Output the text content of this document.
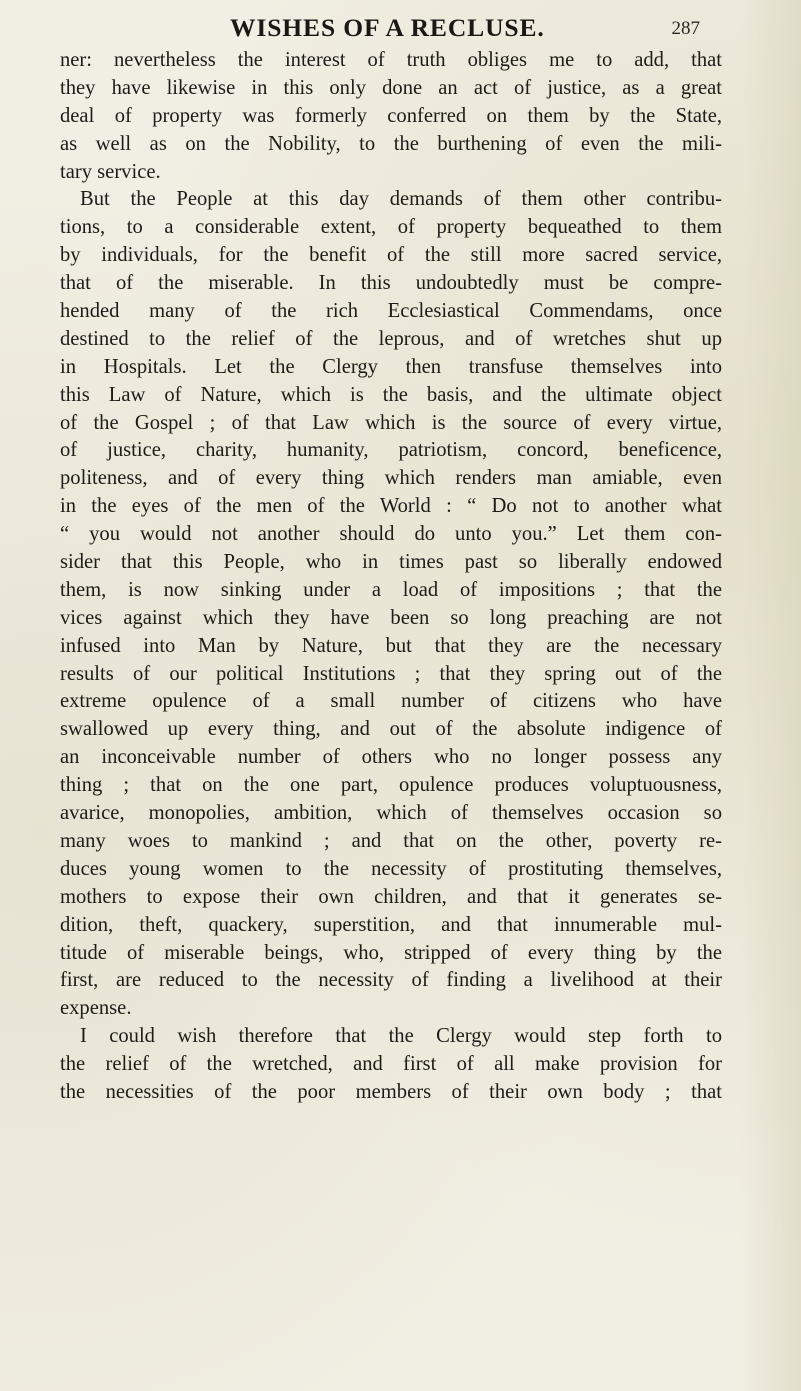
WISHES OF A RECLUSE.	287
ner: nevertheless the interest of truth obliges me to add, that
they have likewise in this only done an act of justice, as a great
deal of property was formerly conferred on them by the State,
as well as on the Nobility, to the burthening of even the mili-
tary service.
But the People at this day demands of them other contribu-
tions, to a considerable extent, of property bequeathed to them
by individuals, for the benefit of the still more sacred service,
that of the miserable. In this undoubtedly must be compre-
hended many of the rich Ecclesiastical Commendams, once
destined to the relief of the leprous, and of wretches shut up
in Hospitals. Let the Clergy then transfuse themselves into
this Law of Nature, which is the basis, and the ultimate object
of the Gospel ; of that Law which is the source of every virtue,
of justice, charity, humanity, patriotism, concord, beneficence,
politeness, and of every thing which renders man amiable, even
in the eyes of the men of the World : “ Do not to another what
“ you would not another should do unto you.” Let them con-
sider that this People, who in times past so liberally endowed
them, is now sinking under a load of impositions ; that the
vices against which they have been so long preaching are not
infused into Man by Nature, but that they are the necessary
results of our political Institutions ; that they spring out of the
extreme opulence of a small number of citizens who have
swallowed up every thing, and out of the absolute indigence of
an inconceivable number of others who no longer possess any
thing ; that on the one part, opulence produces voluptuousness,
avarice, monopolies, ambition, which of themselves occasion so
many woes to mankind ; and that on the other, poverty re-
duces young women to the necessity of prostituting themselves,
mothers to expose their own children, and that it generates se-
dition, theft, quackery, superstition, and that innumerable mul-
titude of miserable beings, who, stripped of every thing by the
first, are reduced to the necessity of finding a livelihood at their
expense.
I could wish therefore that the Clergy would step forth to
the relief of the wretched, and first of all make provision for
the necessities of the poor members of their own body ; that
